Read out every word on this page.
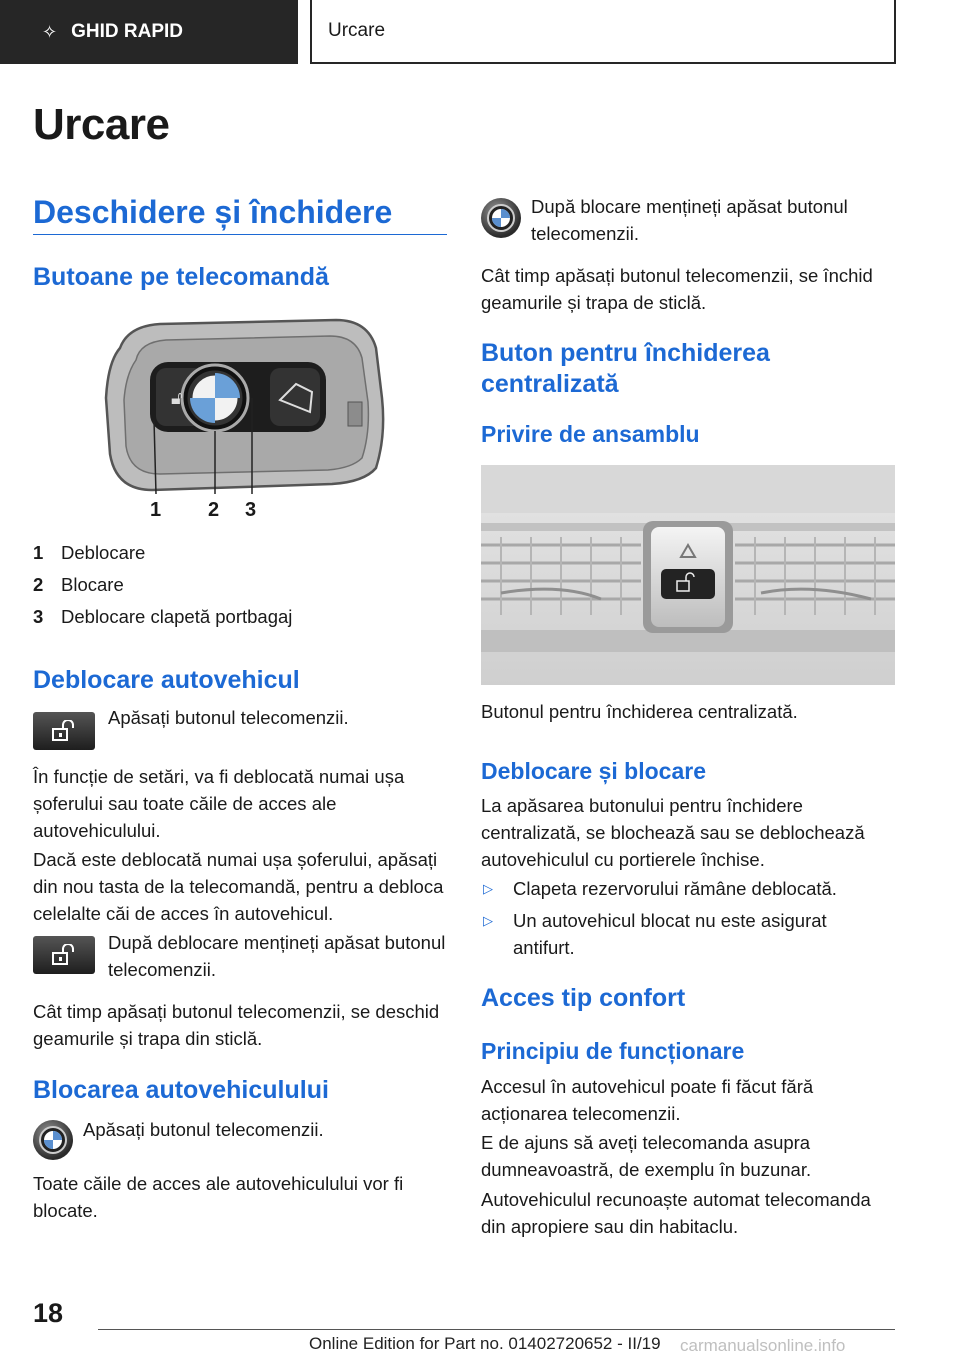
✧ GHID RAPID	Urcare
Urcare
Deschidere și închidere
Butoane pe telecomandă
🔓︎
1 2 3
1 Deblocare
2 Blocare
3 Deblocare clapetă portbagaj
Deblocare autovehicul

Apăsați butonul telecomenzii.

În funcție de setări, va fi deblocată numai ușa șoferului sau toate căile de acces ale autovehiculului.

Dacă este deblocată numai ușa șoferului, apăsați din nou tasta de la telecomandă, pentru a debloca celelalte căi de acces în autovehicul.

După deblocare mențineți apăsat butonul telecomenzii.

Cât timp apăsați butonul telecomenzii, se deschid geamurile și trapa din sticlă.

Blocarea autovehiculului

Apăsați butonul telecomenzii.

Toate căile de acces ale autovehiculului vor fi blocate.

După blocare mențineți apăsat butonul telecomenzii.

Cât timp apăsați butonul telecomenzii, se închid geamurile și trapa de sticlă.

Buton pentru închiderea centralizată
Privire de ansamblu

Butonul pentru închiderea centralizată.

Deblocare și blocare

La apăsarea butonului pentru închidere centralizată, se blochează sau se deblochează autovehiculul cu portierele închise.

▷	Clapeta rezervorului rămâne deblocată.
▷	Un autovehicul blocat nu este asigurat antifurt.
Acces tip confort
Principiu de funcționare

Accesul în autovehicul poate fi făcut fără acționarea telecomenzii.

E de ajuns să aveți telecomanda asupra dumneavoastră, de exemplu în buzunar.

Autovehiculul recunoaște automat telecomanda din apropiere sau din habitaclu.

18
Online Edition for Part no. 01402720652 - II/19 carmanualsonline.info
